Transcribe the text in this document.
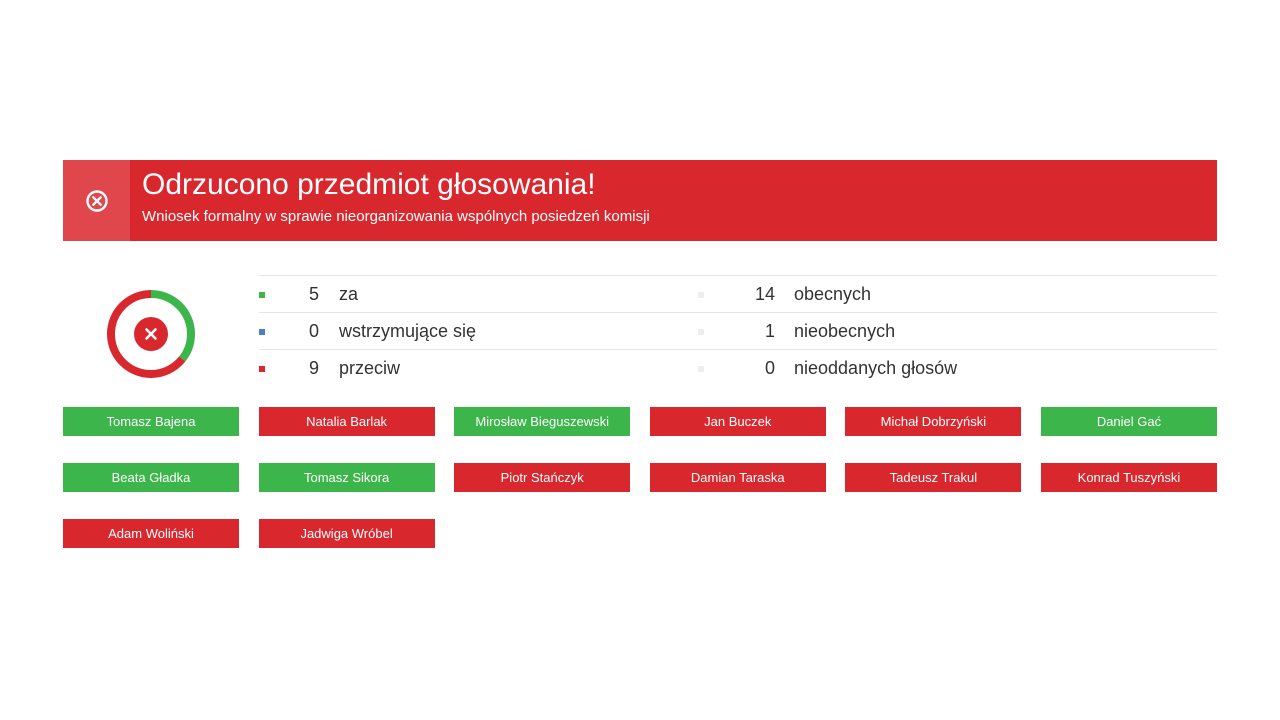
Odrzucono przedmiot głosowania!
Wniosek formalny w sprawie nieorganizowania wspólnych posiedzeń komisji
5 za	14 obecnych
0 wstrzymujące się	1 nieobecnych
9 przeciw	0 nieoddanych głosów
Tomasz Bajena	Natalia Barlak	Mirosław Bieguszewski	Jan Buczek	Michał Dobrzyński	Daniel Gać
Beata Gładka	Tomasz Sikora	Piotr Stańczyk	Damian Taraska	Tadeusz Trakul	Konrad Tuszyński
Adam Woliński	Jadwiga Wróbel
